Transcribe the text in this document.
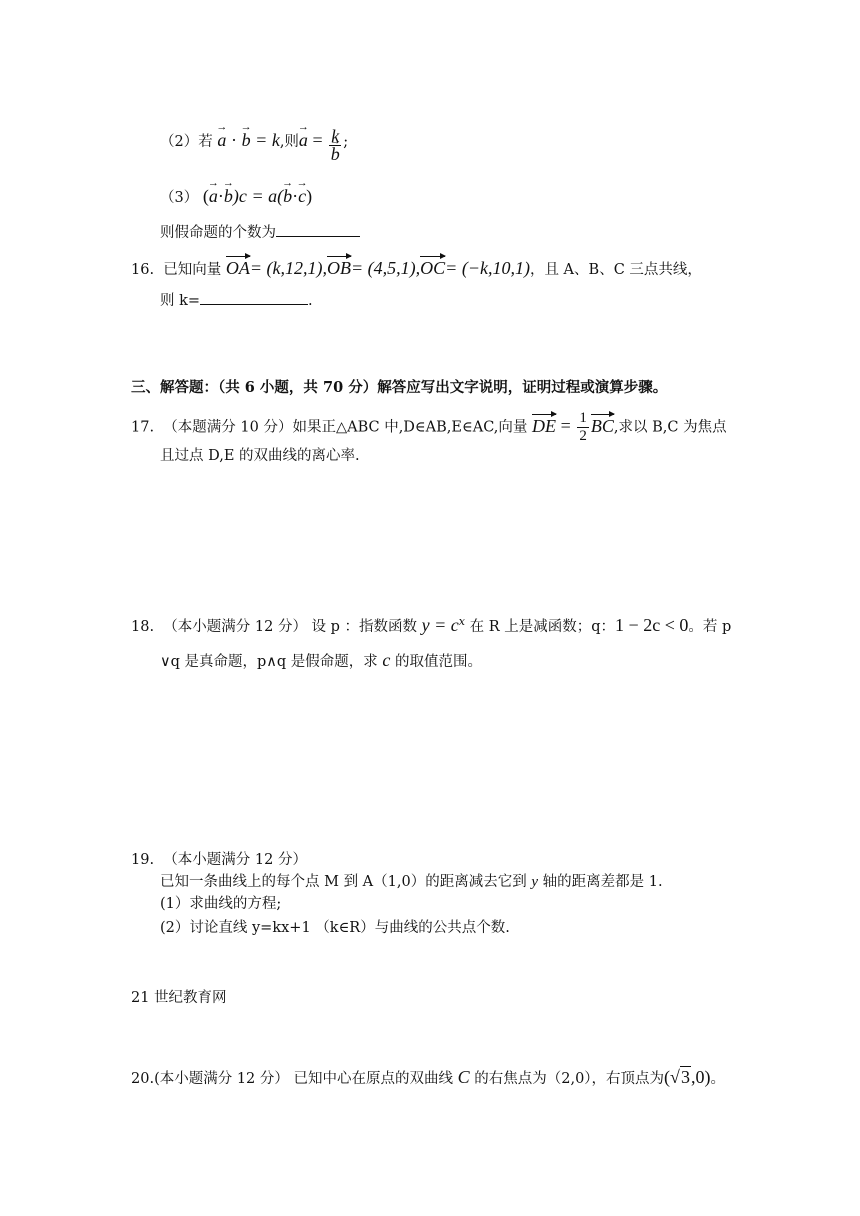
（2）若 → a · → b = k,则→ a = k
→ b ;
（3） (→ a·→ b)c = a(→ b·→ c)
则假命题的个数为
16. 已知向量 OA= (k,12,1),OB= (4,5,1),OC= (−k,10,1)，且 A、B、C 三点共线，
则 k=	.
三、解答题：（共 6 小题，共 70 分）解答应写出文字说明，证明过程或演算步骤。
17. （本题满分 10 分）如果正△ABC 中,D∈AB,E∈AC,向量 DE = $\frac{1}{2}$ BC,求以 B,C 为焦点
且过点 D,E 的双曲线的离心率.
18. （本小题满分 12 分） 设 p ：指数函数 $y = c^x$ 在 R 上是减函数；q：1 − 2c < 0。若 p
∨q 是真命题，p∧q 是假命题，求 c 的取值范围。
19. （本小题满分 12 分）
已知一条曲线上的每个点 M 到 A（1,0）的距离减去它到 y 轴的距离差都是 1.
(1）求曲线的方程;
(2）讨论直线 y=kx+1 （k∈R）与曲线的公共点个数.
21 世纪教育网
20.(本小题满分 12 分） 已知中心在原点的双曲线 C 的右焦点为（2,0），右顶点为(√3,0)。
